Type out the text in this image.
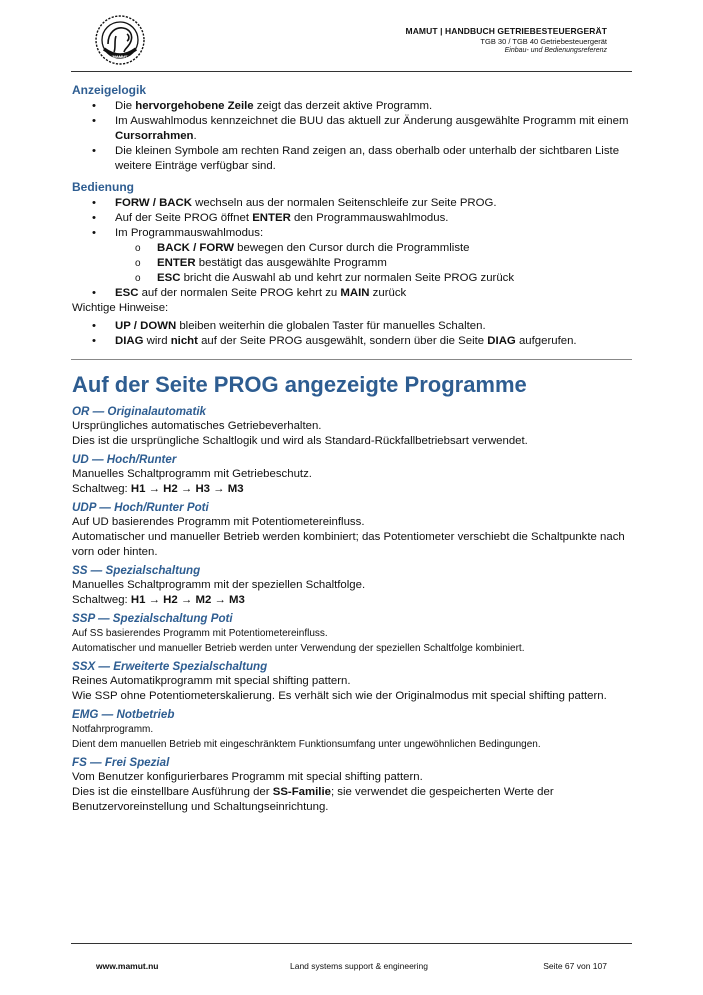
MAMUT
MAMUT | HANDBUCH GETRIEBESTEUERGERÄT
TGB 30 / TGB 40 Getriebesteuergerät
Einbau- und Bedienungsreferenz
Anzeigelogik
• Die hervorgehobene Zeile zeigt das derzeit aktive Programm.
• Im Auswahlmodus kennzeichnet die BUU das aktuell zur Änderung ausgewählte Programm mit einem Cursorrahmen.
• Die kleinen Symbole am rechten Rand zeigen an, dass oberhalb oder unterhalb der sichtbaren Liste weitere Einträge verfügbar sind.
Bedienung
• FORW / BACK wechseln aus der normalen Seitenschleife zur Seite PROG.
• Auf der Seite PROG öffnet ENTER den Programmauswahlmodus.
• Im Programmauswahlmodus:
o BACK / FORW bewegen den Cursor durch die Programmliste
o ENTER bestätigt das ausgewählte Programm
o ESC bricht die Auswahl ab und kehrt zur normalen Seite PROG zurück
• ESC auf der normalen Seite PROG kehrt zu MAIN zurück

Wichtige Hinweise:

• UP / DOWN bleiben weiterhin die globalen Taster für manuelles Schalten.
• DIAG wird nicht auf der Seite PROG ausgewählt, sondern über die Seite DIAG aufgerufen.
Auf der Seite PROG angezeigte Programme
OR — Originalautomatik

Ursprüngliches automatisches Getriebeverhalten.

Dies ist die ursprüngliche Schaltlogik und wird als Standard-Rückfallbetriebsart verwendet.

UD — Hoch/Runter

Manuelles Schaltprogramm mit Getriebeschutz.

Schaltweg: H1 → H2 → H3 → M3

UDP — Hoch/Runter Poti

Auf UD basierendes Programm mit Potentiometereinfluss.

Automatischer und manueller Betrieb werden kombiniert; das Potentiometer verschiebt die Schaltpunkte nach vorn oder hinten.

SS — Spezialschaltung

Manuelles Schaltprogramm mit der speziellen Schaltfolge.

Schaltweg: H1 → H2 → M2 → M3

SSP — Spezialschaltung Poti

Auf SS basierendes Programm mit Potentiometereinfluss.

Automatischer und manueller Betrieb werden unter Verwendung der speziellen Schaltfolge kombiniert.

SSX — Erweiterte Spezialschaltung

Reines Automatikprogramm mit special shifting pattern.

Wie SSP ohne Potentiometerskalierung. Es verhält sich wie der Originalmodus mit special shifting pattern.

EMG — Notbetrieb

Notfahrprogramm.

Dient dem manuellen Betrieb mit eingeschränktem Funktionsumfang unter ungewöhnlichen Bedingungen.

FS — Frei Spezial

Vom Benutzer konfigurierbares Programm mit special shifting pattern.

Dies ist die einstellbare Ausführung der SS-Familie; sie verwendet die gespeicherten Werte der Benutzervoreinstellung und Schaltungseinrichtung.

www.mamut.nu	Land systems support & engineering	Seite 67 von 107
